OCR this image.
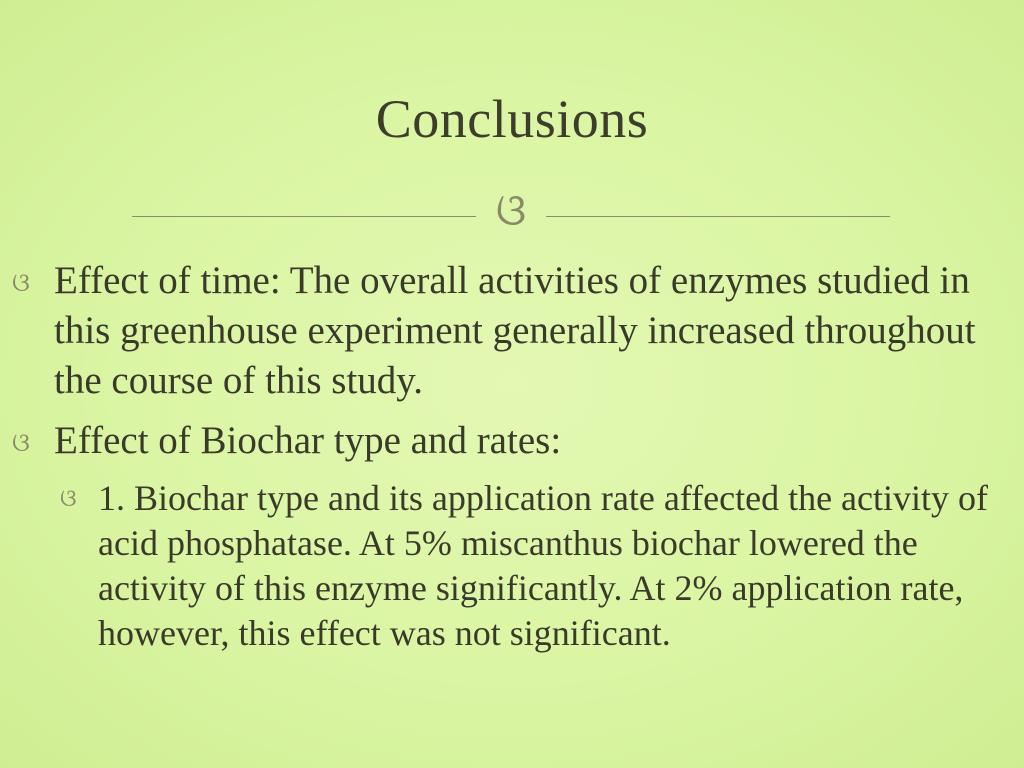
Conclusions
ଓ
ଓ Effect of time: The overall activities of enzymes studied in this greenhouse experiment generally increased throughout the course of this study.
ଓ Effect of Biochar type and rates:
ଓ 1. Biochar type and its application rate affected the activity of acid phosphatase. At 5% miscanthus biochar lowered the activity of this enzyme significantly. At 2% application rate, however, this effect was not significant.
